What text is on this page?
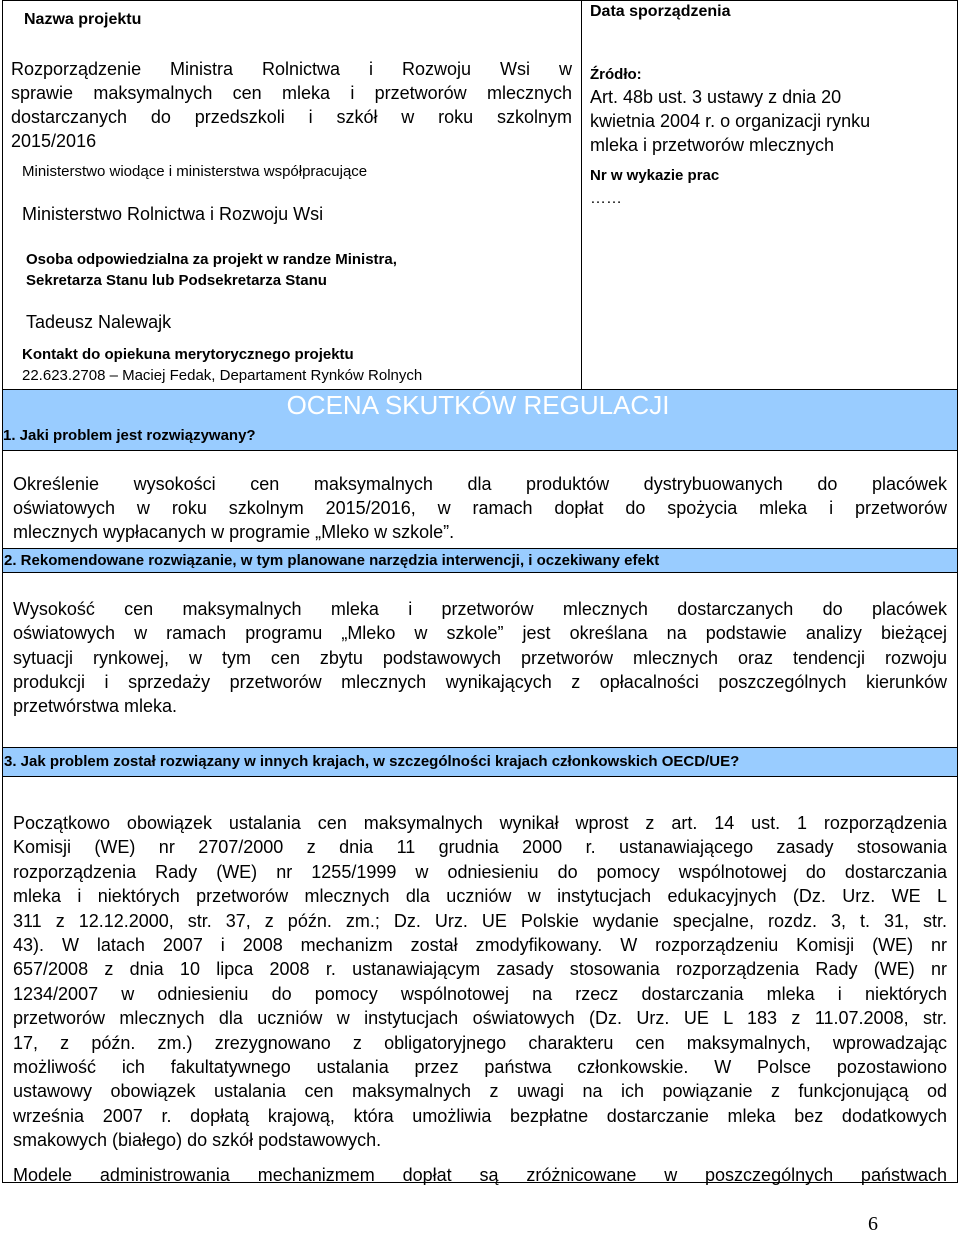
Nazwa projektu
Rozporządzenie Ministra Rolnictwa i Rozwoju Wsi w
sprawie maksymalnych cen mleka i przetworów mlecznych
dostarczanych do przedszkoli i szkół w roku szkolnym
2015/2016
Ministerstwo wiodące i ministerstwa współpracujące
Ministerstwo Rolnictwa i Rozwoju Wsi
Osoba odpowiedzialna za projekt w randze Ministra,
Sekretarza Stanu lub Podsekretarza Stanu
Tadeusz Nalewajk
Kontakt do opiekuna merytorycznego projektu
22.623.2708 – Maciej Fedak, Departament Rynków Rolnych
Data sporządzenia
Źródło:
Art. 48b ust. 3 ustawy z dnia 20
kwietnia 2004 r. o organizacji rynku
mleka i przetworów mlecznych
Nr w wykazie prac
……
OCENA SKUTKÓW REGULACJI
1. Jaki problem jest rozwiązywany?
Określenie wysokości cen maksymalnych dla produktów dystrybuowanych do placówek
oświatowych w roku szkolnym 2015/2016, w ramach dopłat do spożycia mleka i przetworów
mlecznych wypłacanych w programie „Mleko w szkole”.
2. Rekomendowane rozwiązanie, w tym planowane narzędzia interwencji, i oczekiwany efekt
Wysokość cen maksymalnych mleka i przetworów mlecznych dostarczanych do placówek
oświatowych w ramach programu „Mleko w szkole” jest określana na podstawie analizy bieżącej
sytuacji rynkowej, w tym cen zbytu podstawowych przetworów mlecznych oraz tendencji rozwoju
produkcji i sprzedaży przetworów mlecznych wynikających z opłacalności poszczególnych kierunków
przetwórstwa mleka.
3. Jak problem został rozwiązany w innych krajach, w szczególności krajach członkowskich OECD/UE?
Początkowo obowiązek ustalania cen maksymalnych wynikał wprost z art. 14 ust. 1 rozporządzenia
Komisji (WE) nr 2707/2000 z dnia 11 grudnia 2000 r. ustanawiającego zasady stosowania
rozporządzenia Rady (WE) nr 1255/1999 w odniesieniu do pomocy wspólnotowej do dostarczania
mleka i niektórych przetworów mlecznych dla uczniów w instytucjach edukacyjnych (Dz. Urz. WE L
311 z 12.12.2000, str. 37, z późn. zm.; Dz. Urz. UE Polskie wydanie specjalne, rozdz. 3, t. 31, str.
43). W latach 2007 i 2008 mechanizm został zmodyfikowany. W rozporządzeniu Komisji (WE) nr
657/2008 z dnia 10 lipca 2008 r. ustanawiającym zasady stosowania rozporządzenia Rady (WE) nr
1234/2007 w odniesieniu do pomocy wspólnotowej na rzecz dostarczania mleka i niektórych
przetworów mlecznych dla uczniów w instytucjach oświatowych (Dz. Urz. UE L 183 z 11.07.2008, str.
17, z późn. zm.) zrezygnowano z obligatoryjnego charakteru cen maksymalnych, wprowadzając
możliwość ich fakultatywnego ustalania przez państwa członkowskie. W Polsce pozostawiono
ustawowy obowiązek ustalania cen maksymalnych z uwagi na ich powiązanie z funkcjonującą od
września 2007 r. dopłatą krajową, która umożliwia bezpłatne dostarczanie mleka bez dodatkowych
smakowych (białego) do szkół podstawowych.
Modele administrowania mechanizmem dopłat są zróżnicowane w poszczególnych państwach
6
